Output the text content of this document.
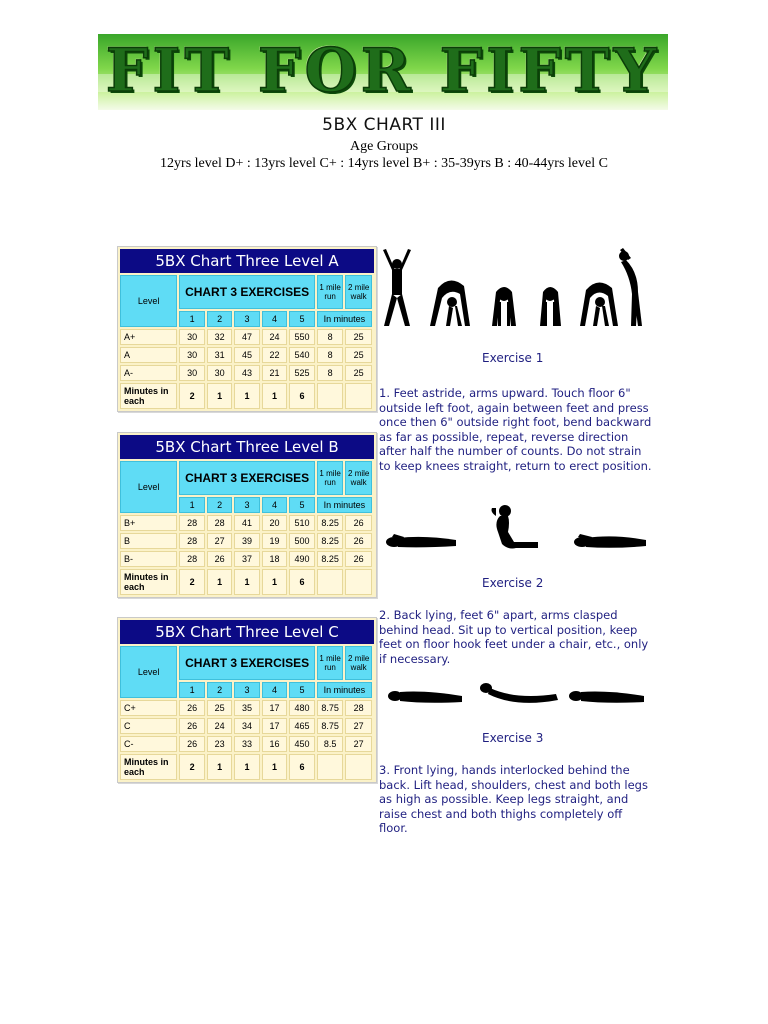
FIT FOR FIFTY
5BX CHART III
Age Groups
12yrs level D+ : 13yrs level C+ : 14yrs level B+ : 35-39yrs B : 40-44yrs level C
5BX Chart Three Level A
Level	CHART 3 EXERCISES					1 mile run	2 mile walk
	1	2	3	4	5	In minutes	
A+	30	32	47	24	550	8	25
A	30	31	45	22	540	8	25
A-	30	30	43	21	525	8	25
Minutes in each	2	1	1	1	6		
5BX Chart Three Level B
Level	CHART 3 EXERCISES					1 mile run	2 mile walk
	1	2	3	4	5	In minutes	
B+	28	28	41	20	510	8.25	26
B	28	27	39	19	500	8.25	26
B-	28	26	37	18	490	8.25	26
Minutes in each	2	1	1	1	6		
5BX Chart Three Level C
Level	CHART 3 EXERCISES					1 mile run	2 mile walk
	1	2	3	4	5	In minutes	
C+	26	25	35	17	480	8.75	28
C	26	24	34	17	465	8.75	27
C-	26	23	33	16	450	8.5	27
Minutes in each	2	1	1	1	6		
Exercise 1
1. Feet astride, arms upward. Touch floor 6" outside left foot, again between feet and press once then 6" outside right foot, bend backward as far as possible, repeat, reverse direction after half the number of counts. Do not strain to keep knees straight, return to erect position.
Exercise 2
2. Back lying, feet 6" apart, arms clasped behind head. Sit up to vertical position, keep feet on floor hook feet under a chair, etc., only if necessary.
Exercise 3
3. Front lying, hands interlocked behind the back. Lift head, shoulders, chest and both legs as high as possible. Keep legs straight, and raise chest and both thighs completely off floor.
